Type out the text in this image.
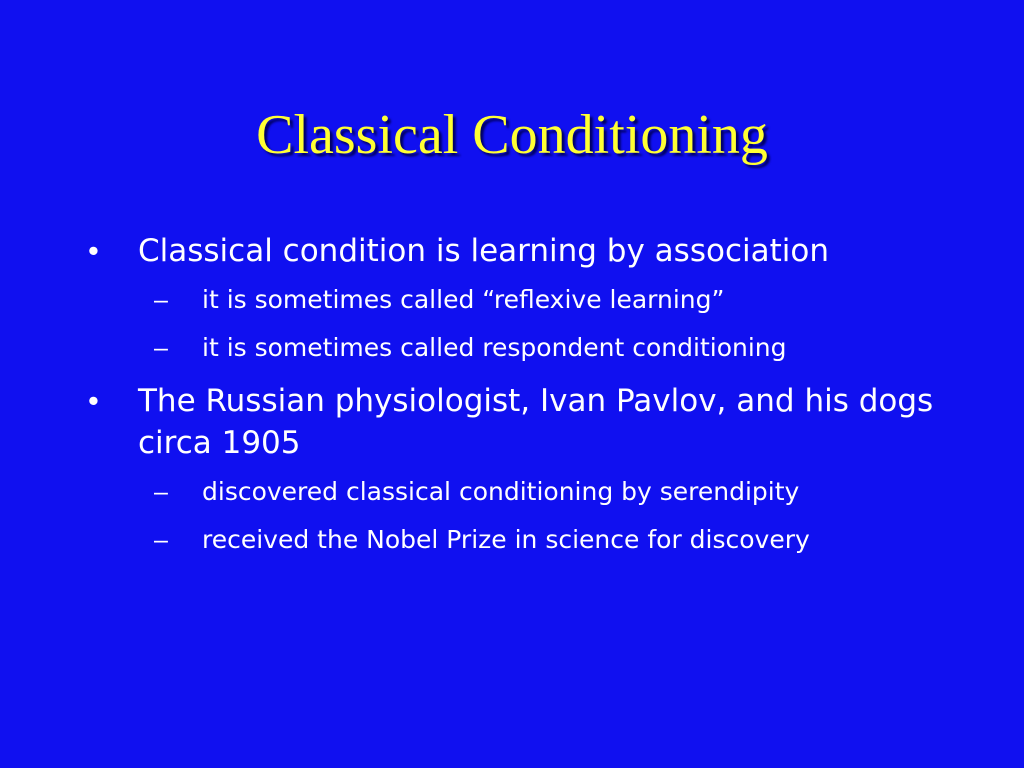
Classical Conditioning
•	Classical condition is learning by association
–	it is sometimes called “reflexive learning”
–	it is sometimes called respondent conditioning
•	The Russian physiologist, Ivan Pavlov, and his dogs circa 1905
–	discovered classical conditioning by serendipity
–	received the Nobel Prize in science for discovery
